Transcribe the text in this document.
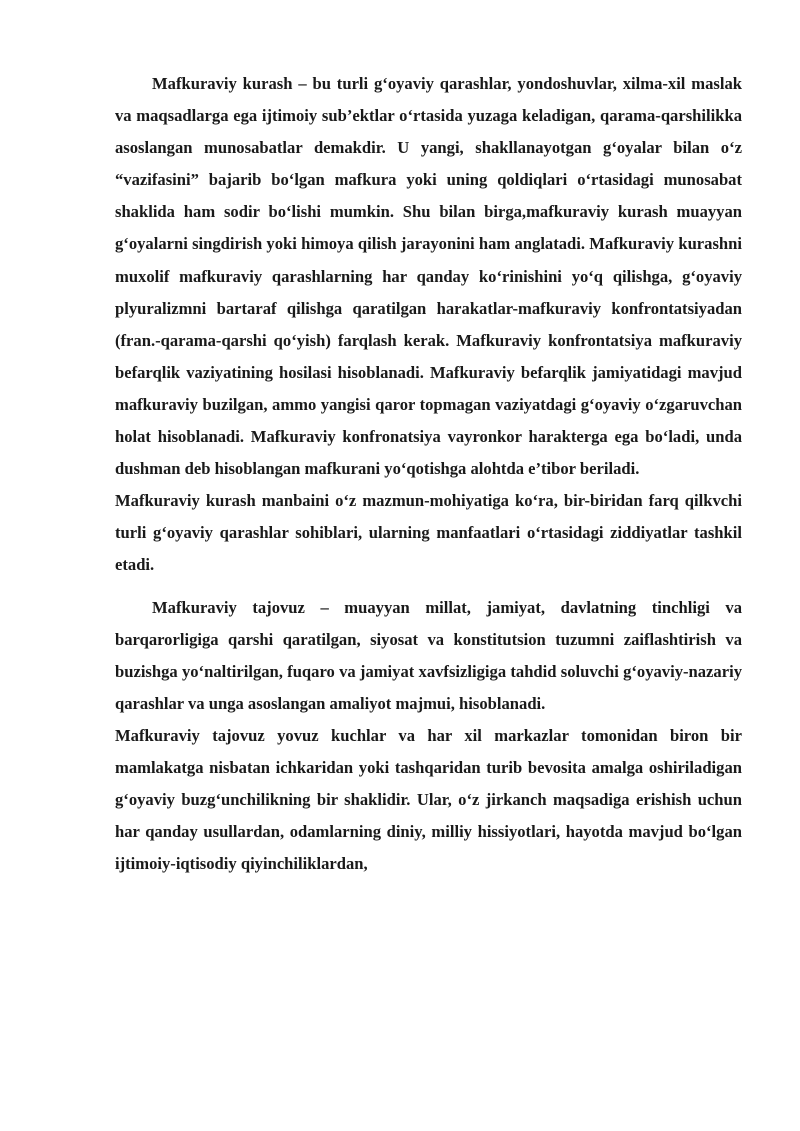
Mafkuraviy kurash – bu turli g‘oyaviy qarashlar, yondoshuvlar, xilma-xil maslak va maqsadlarga ega ijtimoiy sub’ektlar o‘rtasida yuzaga keladigan, qarama-qarshilikka asoslangan munosabatlar demakdir. U yangi, shakllanayotgan g‘oyalar bilan o‘z “vazifasini” bajarib bo‘lgan mafkura yoki uning qoldiqlari o‘rtasidagi munosabat shaklida ham sodir bo‘lishi mumkin. Shu bilan birga,mafkuraviy kurash muayyan g‘oyalarni singdirish yoki himoya qilish jarayonini ham anglatadi. Mafkuraviy kurashni muxolif mafkuraviy qarashlarning har qanday ko‘rinishini yo‘q qilishga, g‘oyaviy plyuralizmni bartaraf qilishga qaratilgan harakatlar-mafkuraviy konfrontatsiyadan (fran.-qarama-qarshi qo‘yish) farqlash kerak. Mafkuraviy konfrontatsiya mafkuraviy befarqlik vaziyatining hosilasi hisoblanadi. Mafkuraviy befarqlik jamiyatidagi mavjud mafkuraviy buzilgan, ammo yangisi qaror topmagan vaziyatdagi g‘oyaviy o‘zgaruvchan holat hisoblanadi. Mafkuraviy konfronatsiya vayronkor harakterga ega bo‘ladi, unda dushman deb hisoblangan mafkurani yo‘qotishga alohtda e’tibor beriladi.

Mafkuraviy kurash manbaini o‘z mazmun-mohiyatiga ko‘ra, bir-biridan farq qilkvchi turli g‘oyaviy qarashlar sohiblari, ularning manfaatlari o‘rtasidagi ziddiyatlar tashkil etadi.

Mafkuraviy tajovuz – muayyan millat, jamiyat, davlatning tinchligi va barqarorligiga qarshi qaratilgan, siyosat va konstitutsion tuzumni zaiflashtirish va buzishga yo‘naltirilgan, fuqaro va jamiyat xavfsizligiga tahdid soluvchi g‘oyaviy-nazariy qarashlar va unga asoslangan amaliyot majmui, hisoblanadi.

Mafkuraviy tajovuz yovuz kuchlar va har xil markazlar tomonidan biron bir mamlakatga nisbatan ichkaridan yoki tashqaridan turib bevosita amalga oshiriladigan g‘oyaviy buzg‘unchilikning bir shaklidir. Ular, o‘z jirkanch maqsadiga erishish uchun har qanday usullardan, odamlarning diniy, milliy hissiyotlari, hayotda mavjud bo‘lgan ijtimoiy-iqtisodiy qiyinchiliklardan,
